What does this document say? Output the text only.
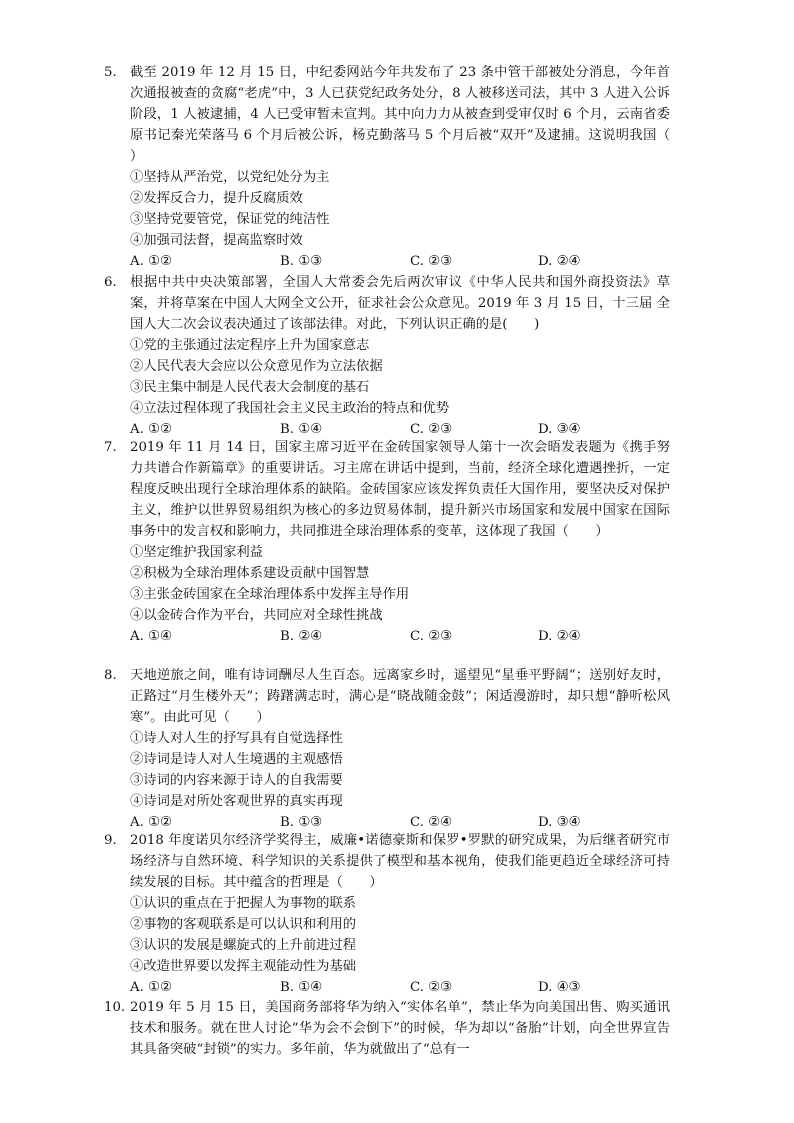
5. 截至 2019 年 12 月 15 日，中纪委网站今年共发布了 23 条中管干部被处分消息，今年首次通报被查的贪腐“老虎”中，3 人已获党纪政务处分，8 人被移送司法，其中 3 人进入公诉阶段，1 人被逮捕，4 人已受审暂未宣判。其中向力力从被查到受审仅时 6 个月，云南省委原书记秦光荣落马 6 个月后被公诉，杨克勤落马 5 个月后被“双开”及逮捕。这说明我国（　　）
①坚持从严治党，以党纪处分为主
②发挥反合力，提升反腐质效
③坚持党要管党，保证党的纯洁性
④加强司法督，提高监察时效
A. ①②	B. ①③	C. ②③	D. ②④
6. 根据中共中央决策部署，全国人大常委会先后两次审议《中华人民共和国外商投资法》草案，并将草案在中国人大网全文公开，征求社会公众意见。2019 年 3 月 15 日，十三届 全国人大二次会议表决通过了该部法律。对此，下列认识正确的是(　　)
①党的主张通过法定程序上升为国家意志
②人民代表大会应以公众意见作为立法依据
③民主集中制是人民代表大会制度的基石
④立法过程体现了我国社会主义民主政治的特点和优势
A. ①②	B. ①④	C. ②③	D. ③④
7. 2019 年 11 月 14 日，国家主席习近平在金砖国家领导人第十一次会晤发表题为《携手努力共谱合作新篇章》的重要讲话。习主席在讲话中提到，当前，经济全球化遭遇挫折，一定程度反映出现行全球治理体系的缺陷。金砖国家应该发挥负责任大国作用，要坚决反对保护主义，维护以世界贸易组织为核心的多边贸易体制，提升新兴市场国家和发展中国家在国际事务中的发言权和影响力，共同推进全球治理体系的变革，这体现了我国（　　）
①坚定维护我国家利益
②积极为全球治理体系建设贡献中国智慧
③主张金砖国家在全球治理体系中发挥主导作用
④以金砖合作为平台，共同应对全球性挑战
A. ①④	B. ②④	C. ②③	D. ②④
8. 天地逆旅之间，唯有诗词酬尽人生百态。远离家乡时，遥望见“星垂平野阔”；送别好友时，正路过“月生楼外天”；踌躇满志时，满心是“晓战随金鼓”；闲适漫游时，却只想“静听松风寒”。由此可见（　　）
①诗人对人生的抒写具有自觉选择性
②诗词是诗人对人生境遇的主观感悟
③诗词的内容来源于诗人的自我需要
④诗词是对所处客观世界的真实再现
A. ①②	B. ①③	C. ②④	D. ③④
9. 2018 年度诺贝尔经济学奖得主，威廉•诺德豪斯和保罗•罗默的研究成果，为后继者研究市场经济与自然环境、科学知识的关系提供了模型和基本视角，使我们能更趋近全球经济可持续发展的目标。其中蕴含的哲理是（　　）
①认识的重点在于把握人为事物的联系
②事物的客观联系是可以认识和利用的
③认识的发展是螺旋式的上升前进过程
④改造世界要以发挥主观能动性为基础
A. ①②	B. ①④	C. ②③	D. ④③
10. 2019 年 5 月 15 日，美国商务部将华为纳入“实体名单”，禁止华为向美国出售、购买通讯技术和服务。就在世人讨论“华为会不会倒下”的时候，华为却以“备胎”计划，向全世界宣告其具备突破“封锁”的实力。多年前，华为就做出了“总有一
